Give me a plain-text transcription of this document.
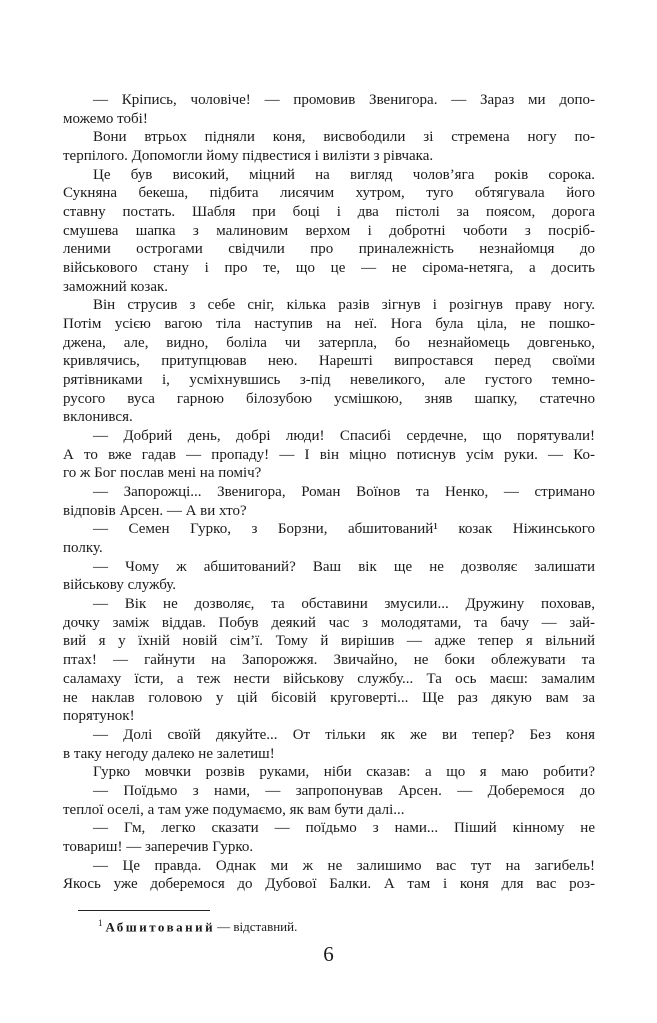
— Кріпись, чоловіче! — промовив Звенигора. — Зараз ми допо-
можемо тобі!
Вони втрьох підняли коня, висвободили зі стремена ногу по-
терпілого. Допомогли йому підвестися і вилізти з рівчака.
Це був високий, міцний на вигляд чолов’яга років сорока.
Сукняна бекеша, підбита лисячим хутром, туго обтягувала його
ставну постать. Шабля при боці і два пістолі за поясом, дорога
смушева шапка з малиновим верхом і добротні чоботи з посріб-
леними острогами свідчили про приналежність незнайомця до
військового стану і про те, що це — не сірома-нетяга, а досить
заможний козак.
Він струсив з себе сніг, кілька разів зігнув і розігнув праву ногу.
Потім усією вагою тіла наступив на неї. Нога була ціла, не пошко-
джена, але, видно, боліла чи затерпла, бо незнайомець довгенько,
кривлячись, притупцював нею. Нарешті випростався перед своїми
рятівниками і, усміхнувшись з-під невеликого, але густого темно-
русого вуса гарною білозубою усмішкою, зняв шапку, статечно
вклонився.
— Добрий день, добрі люди! Спасибі сердечне, що порятували!
А то вже гадав — пропаду! — І він міцно потиснув усім руки. — Ко-
го ж Бог послав мені на поміч?
— Запорожці... Звенигора, Роман Воїнов та Ненко, — стримано
відповів Арсен. — А ви хто?
— Семен Гурко, з Борзни, абшитований¹ козак Ніжинського
полку.
— Чому ж абшитований? Ваш вік ще не дозволяє залишати
військову службу.
— Вік не дозволяє, та обставини змусили... Дружину поховав,
дочку заміж віддав. Побув деякий час з молодятами, та бачу — зай-
вий я у їхній новій сім’ї. Тому й вирішив — адже тепер я вільний
птах! — гайнути на Запорожжя. Звичайно, не боки облежувати та
саламаху їсти, а теж нести військову службу... Та ось маєш: замалим
не наклав головою у цій бісовій круговерті... Ще раз дякую вам за
порятунок!
— Долі своїй дякуйте... От тільки як же ви тепер? Без коня
в таку негоду далеко не залетиш!
Гурко мовчки розвів руками, ніби сказав: а що я маю робити?
— Поїдьмо з нами, — запропонував Арсен. — Доберемося до
теплої оселі, а там уже подумаємо, як вам бути далі...
— Гм, легко сказати — поїдьмо з нами... Піший кінному не
товариш! — заперечив Гурко.
— Це правда. Однак ми ж не залишимо вас тут на загибель!
Якось уже доберемося до Дубової Балки. А там і коня для вас роз-
$^1$ Абшитований — відставний.
6
